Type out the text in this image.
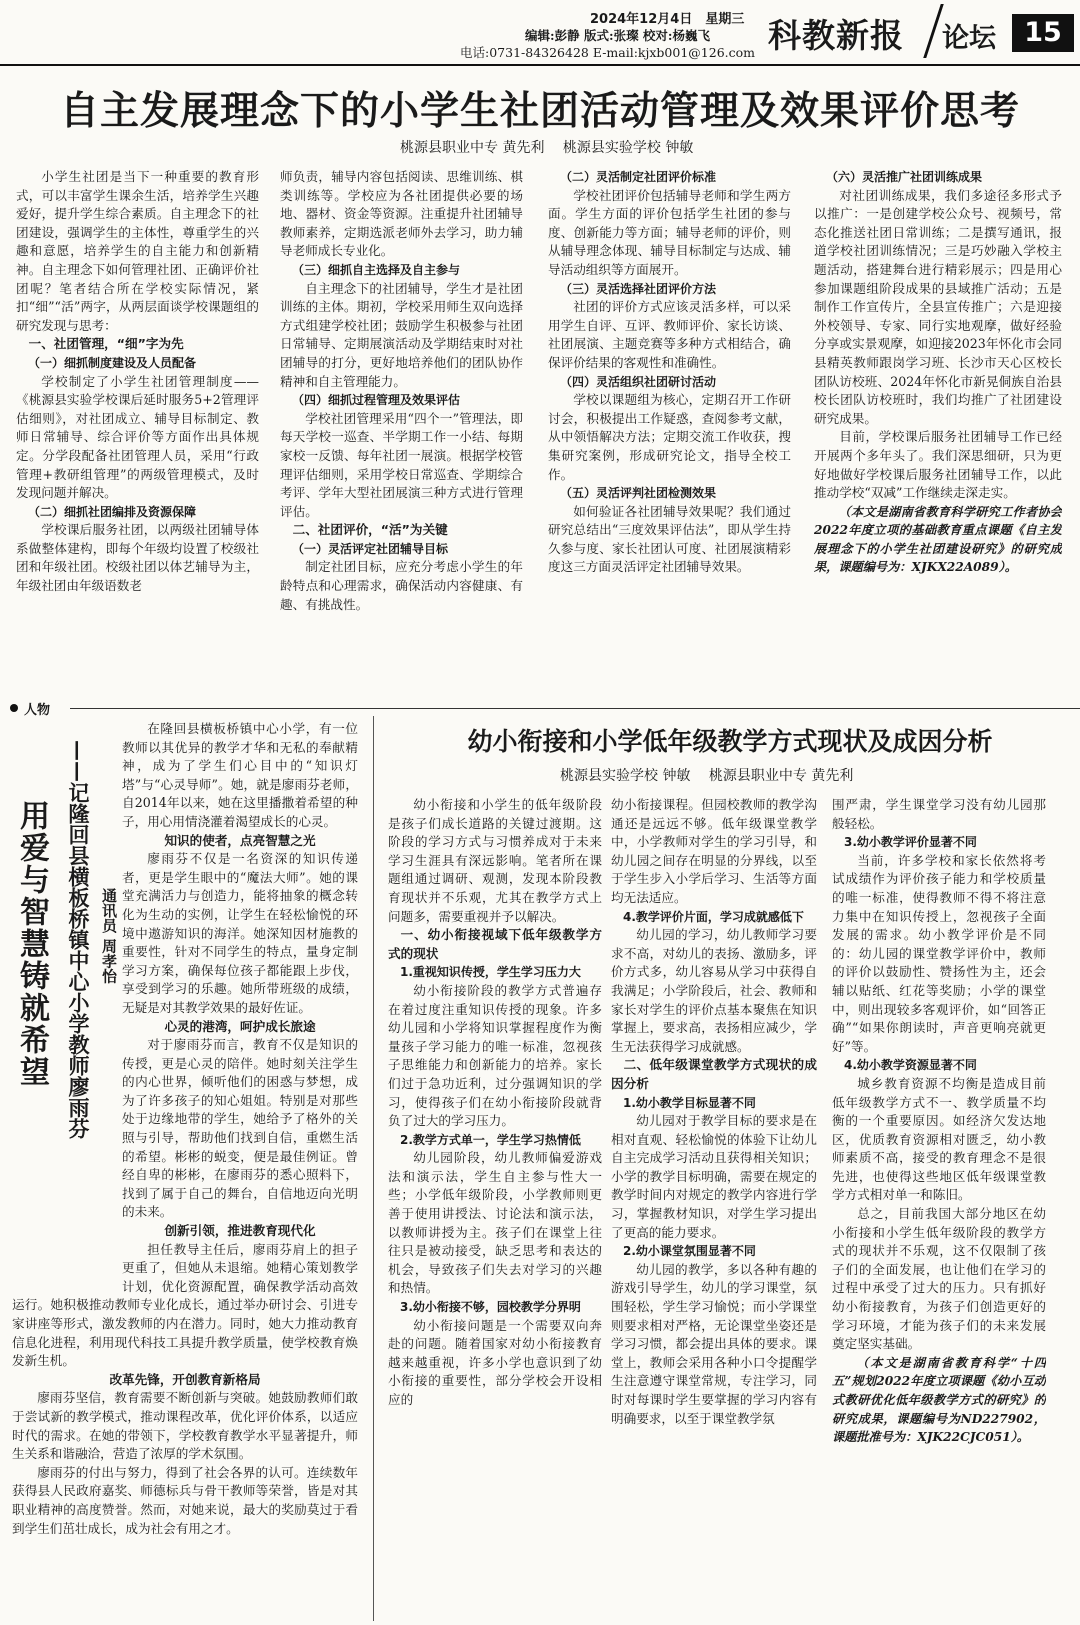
2024年12月4日　星期三
编辑:彭静 版式:张璨 校对:杨巍飞
电话:0731-84326428 E-mail:kjxb001@126.com 科教新报 论坛	15
自主发展理念下的小学生社团活动管理及效果评价思考
桃源县职业中专 黄先利　 桃源县实验学校 钟敏

小学生社团是当下一种重要的教育形式，可以丰富学生课余生活，培养学生兴趣爱好，提升学生综合素质。自主理念下的社团建设，强调学生的主体性，尊重学生的兴趣和意愿，培养学生的自主能力和创新精神。自主理念下如何管理社团、正确评价社团呢？笔者结合所在学校实际情况，紧扣“细”“活”两字，从两层面谈学校课题组的研究发现与思考：

一、社团管理，“细”字为先

（一）细抓制度建设及人员配备

学校制定了小学生社团管理制度——《桃源县实验学校课后延时服务5+2管理评估细则》，对社团成立、辅导目标制定、教师日常辅导、综合评价等方面作出具体规定。分学段配备社团管理人员，采用“行政管理+教研组管理”的两级管理模式，及时发现问题并解决。

（二）细抓社团编排及资源保障

学校课后服务社团，以两级社团辅导体系做整体建构，即每个年级均设置了校级社团和年级社团。校级社团以体艺辅导为主，年级社团由年级语数老

师负责，辅导内容包括阅读、思维训练、棋类训练等。学校应为各社团提供必要的场地、器材、资金等资源。注重提升社团辅导教师素养，定期选派老师外去学习，助力辅导老师成长专业化。

（三）细抓自主选择及自主参与

自主理念下的社团辅导，学生才是社团训练的主体。期初，学校采用师生双向选择方式组建学校社团；鼓励学生积极参与社团日常辅导、定期展演活动及学期结束时对社团辅导的打分，更好地培养他们的团队协作精神和自主管理能力。

（四）细抓过程管理及效果评估

学校社团管理采用“四个一”管理法，即每天学校一巡查、半学期工作一小结、每期家校一反馈、每年社团一展演。根据学校管理评估细则，采用学校日常巡查、学期综合考评、学年大型社团展演三种方式进行管理评估。

二、社团评价，“活”为关键

（一）灵活评定社团辅导目标

制定社团目标，应充分考虑小学生的年龄特点和心理需求，确保活动内容健康、有趣、有挑战性。

（二）灵活制定社团评价标准

学校社团评价包括辅导老师和学生两方面。学生方面的评价包括学生社团的参与度、创新能力等方面；辅导老师的评价，则从辅导理念体现、辅导目标制定与达成、辅导活动组织等方面展开。

（三）灵活选择社团评价方法

社团的评价方式应该灵活多样，可以采用学生自评、互评、教师评价、家长访谈、社团展演、主题竞赛等多种方式相结合，确保评价结果的客观性和准确性。

（四）灵活组织社团研讨活动

学校以课题组为核心，定期召开工作研讨会，积极提出工作疑惑，查阅参考文献，从中领悟解决方法；定期交流工作收获，搜集研究案例，形成研究论文，指导全校工作。

（五）灵活评判社团检测效果

如何验证各社团辅导效果呢？我们通过研究总结出“三度效果评估法”，即从学生持久参与度、家长社团认可度、社团展演精彩度这三方面灵活评定社团辅导效果。

（六）灵活推广社团训练成果

对社团训练成果，我们多途径多形式予以推广：一是创建学校公众号、视频号，常态化推送社团日常训练；二是撰写通讯，报道学校社团训练情况；三是巧妙融入学校主题活动，搭建舞台进行精彩展示；四是用心参加课题组阶段成果的县域推广活动；五是制作工作宣传片，全县宣传推广；六是迎接外校领导、专家、同行实地观摩，做好经验分享或实景观摩，如迎接2023年怀化市会同县精英教师跟岗学习班、长沙市天心区校长团队访校班、2024年怀化市新晃侗族自治县校长团队访校班时，我们均推广了社团建设研究成果。

目前，学校课后服务社团辅导工作已经开展两个多年头了。我们深思细研，只为更好地做好学校课后服务社团辅导工作，以此推动学校“双减”工作继续走深走实。

（本文是湖南省教育科学研究工作者协会2022年度立项的基础教育重点课题《自主发展理念下的小学生社团建设研究》的研究成果，课题编号为：XJKX22A089）。

人物
用爱与智慧铸就希望 ——记隆回县横板桥镇中心小学教师廖雨芬 通讯员 周孝怡

在隆回县横板桥镇中心小学，有一位教师以其优异的教学才华和无私的奉献精神，成为了学生们心目中的“知识灯塔”与“心灵导师”。她，就是廖雨芬老师，自2014年以来，她在这里播撒着希望的种子，用心用情浇灌着渴望成长的心灵。

知识的使者，点亮智慧之光

廖雨芬不仅是一名资深的知识传递者，更是学生眼中的“魔法大师”。她的课堂充满活力与创造力，能将抽象的概念转化为生动的实例，让学生在轻松愉悦的环境中遨游知识的海洋。她深知因材施教的重要性，针对不同学生的特点，量身定制学习方案，确保每位孩子都能跟上步伐，享受到学习的乐趣。她所带班级的成绩，无疑是对其教学效果的最好佐证。

心灵的港湾，呵护成长旅途

对于廖雨芬而言，教育不仅是知识的传授，更是心灵的陪伴。她时刻关注学生的内心世界，倾听他们的困惑与梦想，成为了许多孩子的知心姐姐。特别是对那些处于边缘地带的学生，她给予了格外的关照与引导，帮助他们找到自信，重燃生活的希望。彬彬的蜕变，便是最佳例证。曾经自卑的彬彬，在廖雨芬的悉心照料下，找到了属于自己的舞台，自信地迈向光明的未来。

创新引领，推进教育现代化

担任教导主任后，廖雨芬肩上的担子更重了，但她从未退缩。她精心策划教学计划，优化资源配置，确保教学活动高效运行。她积极推动教师专业化成长，通过举办研讨会、引进专家讲座等形式，激发教师的内在潜力。同时，她大力推动教育信息化进程，利用现代科技工具提升教学质量，使学校教育焕发新生机。

改革先锋，开创教育新格局

廖雨芬坚信，教育需要不断创新与突破。她鼓励教师们敢于尝试新的教学模式，推动课程改革，优化评价体系，以适应时代的需求。在她的带领下，学校教育教学水平显著提升，师生关系和谐融洽，营造了浓厚的学术氛围。

廖雨芬的付出与努力，得到了社会各界的认可。连续数年获得县人民政府嘉奖、师德标兵与骨干教师等荣誉，皆是对其职业精神的高度赞誉。然而，对她来说，最大的奖励莫过于看到学生们茁壮成长，成为社会有用之才。

幼小衔接和小学低年级教学方式现状及成因分析
桃源县实验学校 钟敏　 桃源县职业中专 黄先利

幼小衔接和小学生的低年级阶段是孩子们成长道路的关键过渡期。这阶段的学习方式与习惯养成对于未来学习生涯具有深远影响。笔者所在课题组通过调研、观测，发现本阶段教育现状并不乐观，尤其在教学方式上问题多，需要重视并予以解决。

一、幼小衔接视域下低年级教学方式的现状

1.重视知识传授，学生学习压力大

幼小衔接阶段的教学方式普遍存在着过度注重知识传授的现象。许多幼儿园和小学将知识掌握程度作为衡量孩子学习能力的唯一标准，忽视孩子思维能力和创新能力的培养。家长们过于急功近利，过分强调知识的学习，使得孩子们在幼小衔接阶段就背负了过大的学习压力。

2.教学方式单一，学生学习热情低

幼儿园阶段，幼儿教师偏爱游戏法和演示法，学生自主参与性大一些；小学低年级阶段，小学教师则更善于使用讲授法、讨论法和演示法，以教师讲授为主。孩子们在课堂上往往只是被动接受，缺乏思考和表达的机会，导致孩子们失去对学习的兴趣和热情。

3.幼小衔接不够，园校教学分界明

幼小衔接问题是一个需要双向奔赴的问题。随着国家对幼小衔接教育越来越重视，许多小学也意识到了幼小衔接的重要性，部分学校会开设相应的

幼小衔接课程。但园校教师的教学沟通还是远远不够。低年级课堂教学中，小学教师对学生的学习引导，和幼儿园之间存在明显的分界线，以至于学生步入小学后学习、生活等方面均无法适应。

4.教学评价片面，学习成就感低下

幼儿园的学习，幼儿教师学习要求不高，对幼儿的表扬、激励多，评价方式多，幼儿容易从学习中获得自我满足；小学阶段后，社会、教师和家长对学生的评价点基本聚焦在知识掌握上，要求高，表扬相应减少，学生无法获得学习成就感。

二、低年级课堂教学方式现状的成因分析

1.幼小教学目标显著不同

幼儿园对于教学目标的要求是在相对直观、轻松愉悦的体验下让幼儿自主完成学习活动且获得相关知识；小学的教学目标明确，需要在规定的教学时间内对规定的教学内容进行学习，掌握教材知识，对学生学习提出了更高的能力要求。

2.幼小课堂氛围显著不同

幼儿园的教学，多以各种有趣的游戏引导学生，幼儿的学习课堂，氛围轻松，学生学习愉悦；而小学课堂则要求相对严格，无论课堂坐姿还是学习习惯，都会提出具体的要求。课堂上，教师会采用各种小口令提醒学生注意遵守课堂常规，专注学习，同时对每课时学生要掌握的学习内容有明确要求，以至于课堂教学氛

围严肃，学生课堂学习没有幼儿园那般轻松。

3.幼小教学评价显著不同

当前，许多学校和家长依然将考试成绩作为评价孩子能力和学校质量的唯一标准，使得教师不得不将注意力集中在知识传授上，忽视孩子全面发展的需求。幼小教学评价是不同的：幼儿园的课堂教学评价中，教师的评价以鼓励性、赞扬性为主，还会辅以贴纸、红花等奖励；小学的课堂中，则出现较多客观评价，如“回答正确”“如果你朗读时，声音更响亮就更好”等。

4.幼小教学资源显著不同

城乡教育资源不均衡是造成目前低年级教学方式不一、教学质量不均衡的一个重要原因。如经济欠发达地区，优质教育资源相对匮乏，幼小教师素质不高，接受的教育理念不是很先进，也使得这些地区低年级课堂教学方式相对单一和陈旧。

总之，目前我国大部分地区在幼小衔接和小学生低年级阶段的教学方式的现状并不乐观，这不仅限制了孩子们的全面发展，也让他们在学习的过程中承受了过大的压力。只有抓好幼小衔接教育，为孩子们创造更好的学习环境，才能为孩子们的未来发展奠定坚实基础。

（本文是湖南省教育科学“十四五”规划2022年度立项课题《幼小互动式教研优化低年级教学方式的研究》的研究成果，课题编号为ND227902，课题批准号为：XJK22CJC051）。
